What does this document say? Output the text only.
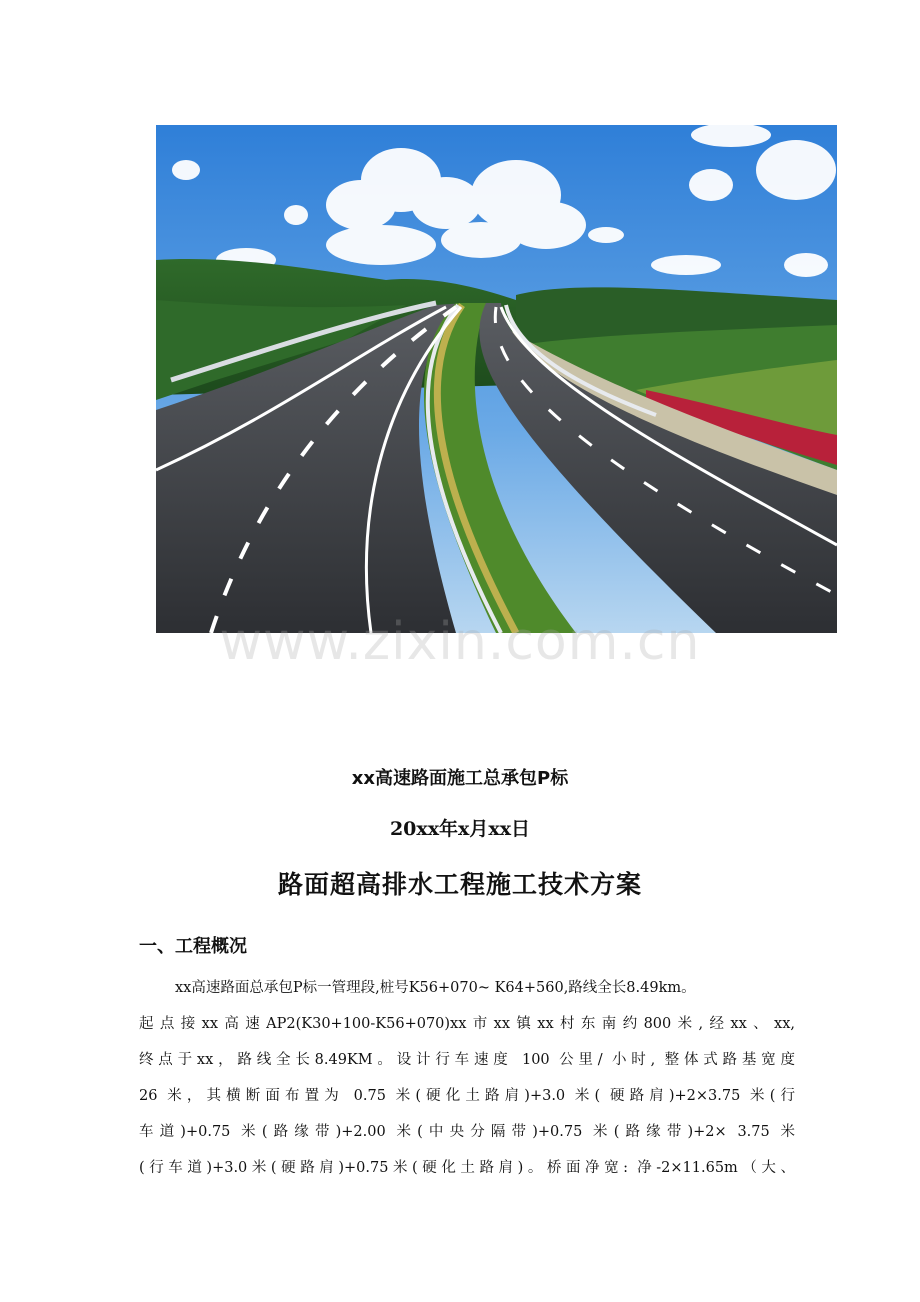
www.zixin.com.cn
xx高速路面施工总承包P标
20xx年x月xx日
路面超高排水工程施工技术方案
一、工程概况
xx高速路面总承包P标一管理段,桩号K56+070~ K64+560,路线全长8.49km。
起点接xx高速AP2(K30+100-K56+070)xx市xx镇xx村东南约800米,经xx、xx,
终点于xx，路线全长8.49KM。设计行车速度 100 公里/ 小时, 整体式路基宽度
26 米，其横断面布置为 0.75 米(硬化土路肩)+3.0 米( 硬路肩)+2×3.75 米(行
车道)+0.75 米(路缘带)+2.00 米(中央分隔带)+0.75 米(路缘带)+2× 3.75 米
(行车道)+3.0米(硬路肩)+0.75米(硬化土路肩)。桥面净宽: 净-2×11.65m（大、
